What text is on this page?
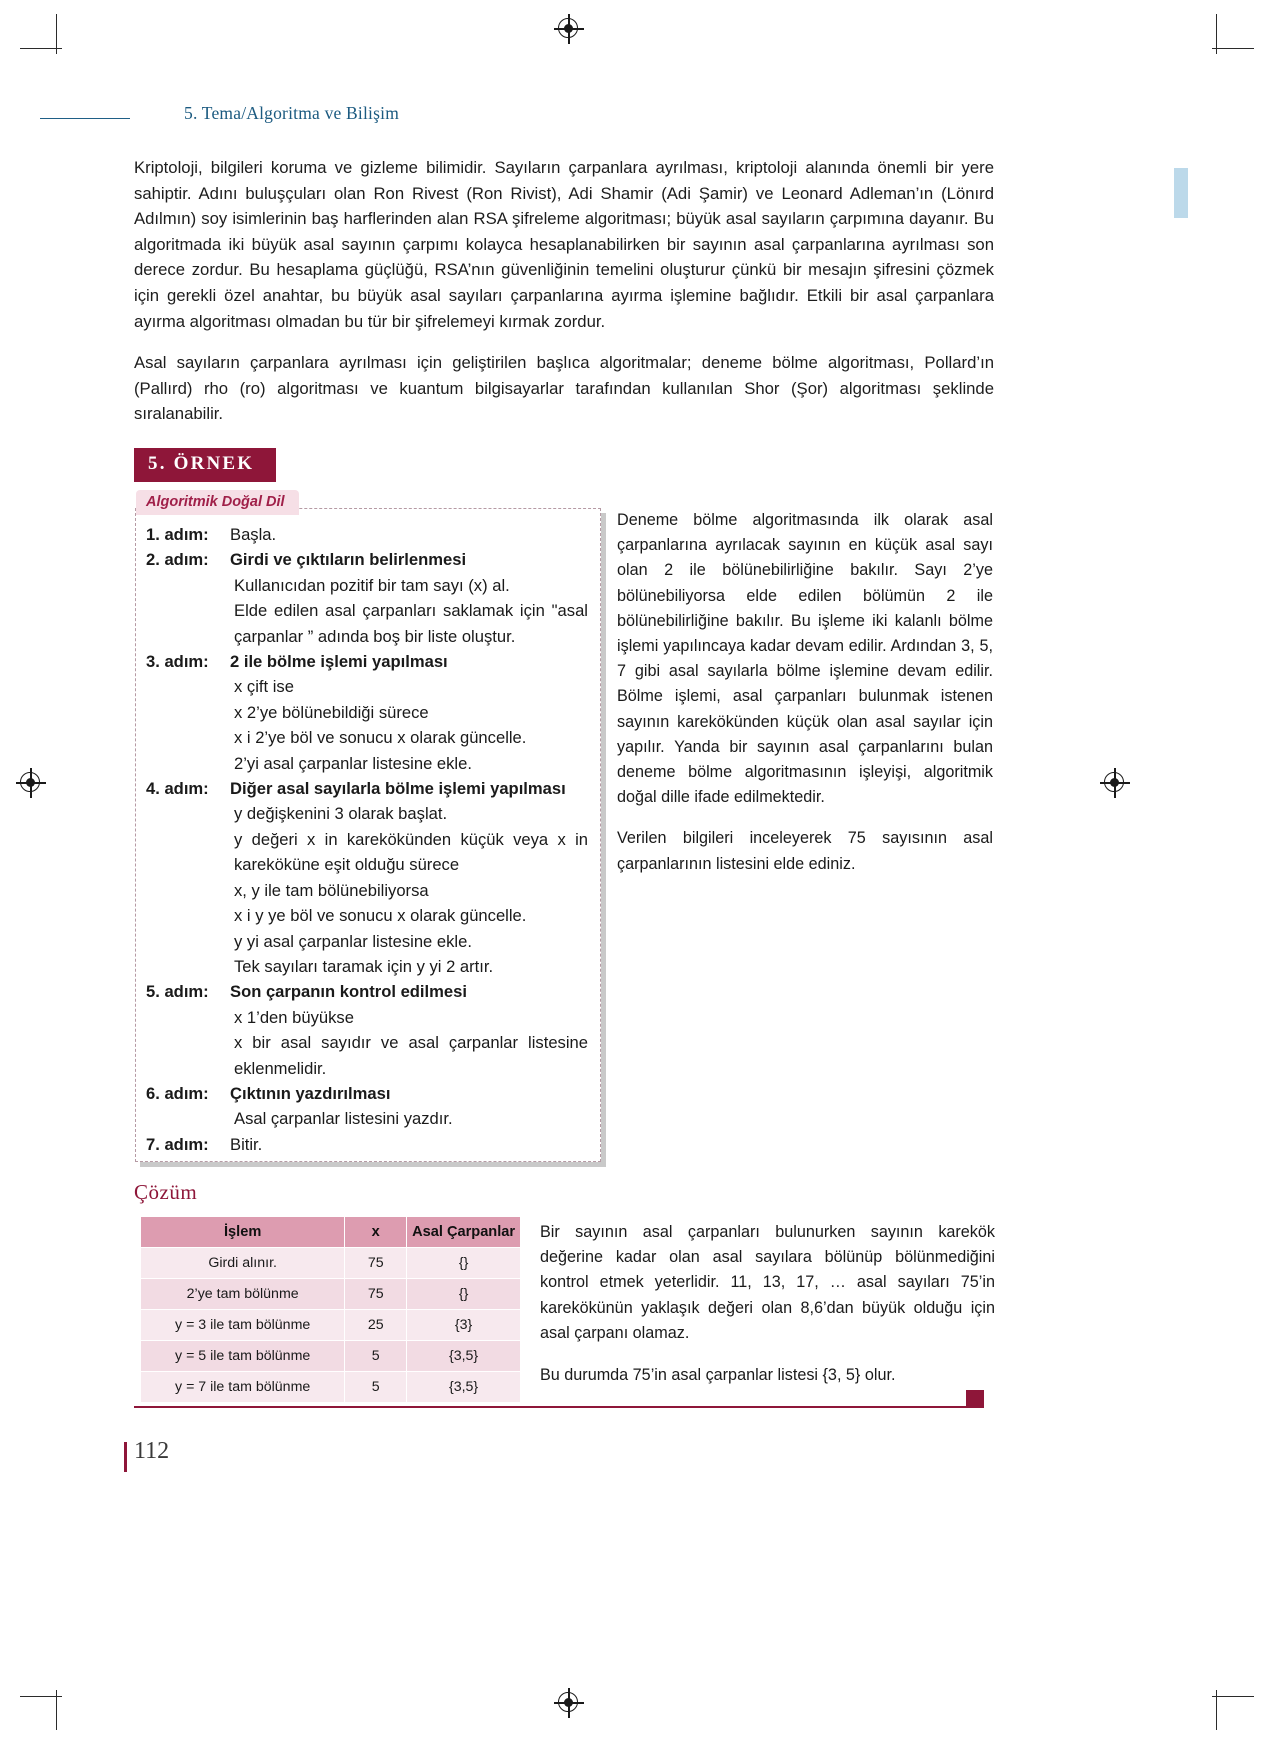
5. Tema/Algoritma ve Bilişim

Kriptoloji, bilgileri koruma ve gizleme bilimidir. Sayıların çarpanlara ayrılması, kriptoloji alanında önemli bir yere sahiptir. Adını buluşçuları olan Ron Rivest (Ron Rivist), Adi Shamir (Adi Şamir) ve Leonard Adleman’ın (Lönırd Adılmın) soy isimlerinin baş harflerinden alan RSA şifreleme algoritması; büyük asal sayıların çarpımına dayanır. Bu algoritmada iki büyük asal sayının çarpımı kolayca hesaplanabilirken bir sayının asal çarpanlarına ayrılması son derece zordur. Bu hesaplama güçlüğü, RSA’nın güvenliğinin temelini oluşturur çünkü bir mesajın şifresini çözmek için gerekli özel anahtar, bu büyük asal sayıları çarpanlarına ayırma işlemine bağlıdır. Etkili bir asal çarpanlara ayırma algoritması olmadan bu tür bir şifrelemeyi kırmak zordur.

Asal sayıların çarpanlara ayrılması için geliştirilen başlıca algoritmalar; deneme bölme algoritması, Pollard’ın (Pallırd) rho (ro) algoritması ve kuantum bilgisayarlar tarafından kullanılan Shor (Şor) algoritması şeklinde sıralanabilir.

5. ÖRNEK
Algoritmik Doğal Dil
1. adım:	Başla.
2. adım:	Girdi ve çıktıların belirlenmesi
Kullanıcıdan pozitif bir tam sayı (x) al.
Elde edilen asal çarpanları saklamak için "asal çarpanlar ” adında boş bir liste oluştur.
3. adım:	2 ile bölme işlemi yapılması
x çift ise
x 2’ye bölünebildiği sürece
x i 2’ye böl ve sonucu x olarak güncelle.
2’yi asal çarpanlar listesine ekle.
4. adım:	Diğer asal sayılarla bölme işlemi yapılması
y değişkenini 3 olarak başlat.
y değeri x in karekökünden küçük veya x in kareköküne eşit olduğu sürece
x, y ile tam bölünebiliyorsa
x i y ye böl ve sonucu x olarak güncelle.
y yi asal çarpanlar listesine ekle.
Tek sayıları taramak için y yi 2 artır.
5. adım:	Son çarpanın kontrol edilmesi
x 1’den büyükse
x bir asal sayıdır ve asal çarpanlar listesine eklenmelidir.
6. adım:	Çıktının yazdırılması
Asal çarpanlar listesini yazdır.
7. adım:	Bitir.

Deneme bölme algoritmasında ilk olarak asal çarpanlarına ayrılacak sayının en küçük asal sayı olan 2 ile bölünebilirliğine bakılır. Sayı 2’ye bölünebiliyorsa elde edilen bölümün 2 ile bölünebilirliğine bakılır. Bu işleme iki kalanlı bölme işlemi yapılıncaya kadar devam edilir. Ardından 3, 5, 7 gibi asal sayılarla bölme işlemine devam edilir. Bölme işlemi, asal çarpanları bulunmak istenen sayının karekökünden küçük olan asal sayılar için yapılır. Yanda bir sayının asal çarpanlarını bulan deneme bölme algoritmasının işleyişi, algoritmik doğal dille ifade edilmektedir.

Verilen bilgileri inceleyerek 75 sayısının asal çarpanlarının listesini elde ediniz.

Çözüm
İşlem	x	Asal Çarpanlar
Girdi alınır.	75	{}
2’ye tam bölünme	75	{}
y = 3 ile tam bölünme	25	{3}
y = 5 ile tam bölünme	5	{3,5}
y = 7 ile tam bölünme	5	{3,5}

Bir sayının asal çarpanları bulunurken sayının karekök değerine kadar olan asal sayılara bölünüp bölünmediğini kontrol etmek yeterlidir. 11, 13, 17, … asal sayıları 75’in karekökünün yaklaşık değeri olan 8,6’dan büyük olduğu için asal çarpanı olamaz.

Bu durumda 75’in asal çarpanlar listesi {3, 5} olur.

112
